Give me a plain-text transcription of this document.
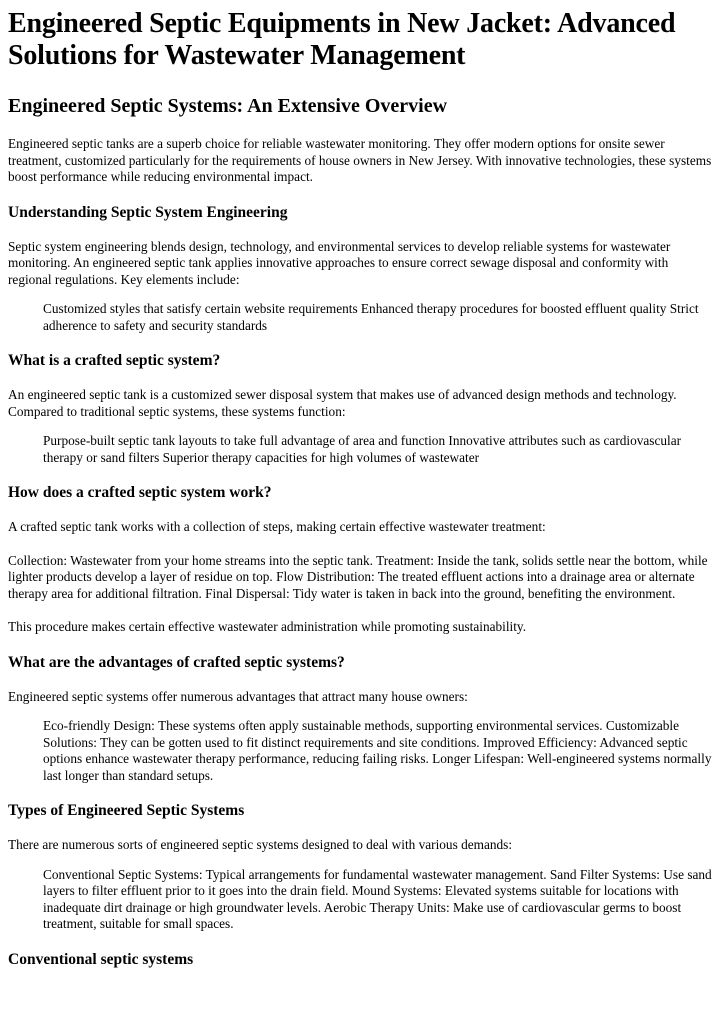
Engineered Septic Equipments in New Jacket: Advanced Solutions for Wastewater Management
Engineered Septic Systems: An Extensive Overview

Engineered septic tanks are a superb choice for reliable wastewater monitoring. They offer modern options for onsite sewer treatment, customized particularly for the requirements of house owners in New Jersey. With innovative technologies, these systems boost performance while reducing environmental impact.

Understanding Septic System Engineering

Septic system engineering blends design, technology, and environmental services to develop reliable systems for wastewater monitoring. An engineered septic tank applies innovative approaches to ensure correct sewage disposal and conformity with regional regulations. Key elements include:

Customized styles that satisfy certain website requirements Enhanced therapy procedures for boosted effluent quality Strict adherence to safety and security standards
What is a crafted septic system?

An engineered septic tank is a customized sewer disposal system that makes use of advanced design methods and technology. Compared to traditional septic systems, these systems function:

Purpose-built septic tank layouts to take full advantage of area and function Innovative attributes such as cardiovascular therapy or sand filters Superior therapy capacities for high volumes of wastewater
How does a crafted septic system work?

A crafted septic tank works with a collection of steps, making certain effective wastewater treatment:

Collection: Wastewater from your home streams into the septic tank. Treatment: Inside the tank, solids settle near the bottom, while lighter products develop a layer of residue on top. Flow Distribution: The treated effluent actions into a drainage area or alternate therapy area for additional filtration. Final Dispersal: Tidy water is taken in back into the ground, benefiting the environment.

This procedure makes certain effective wastewater administration while promoting sustainability.

What are the advantages of crafted septic systems?

Engineered septic systems offer numerous advantages that attract many house owners:

Eco-friendly Design: These systems often apply sustainable methods, supporting environmental services. Customizable Solutions: They can be gotten used to fit distinct requirements and site conditions. Improved Efficiency: Advanced septic options enhance wastewater therapy performance, reducing failing risks. Longer Lifespan: Well-engineered systems normally last longer than standard setups.
Types of Engineered Septic Systems

There are numerous sorts of engineered septic systems designed to deal with various demands:

Conventional Septic Systems: Typical arrangements for fundamental wastewater management. Sand Filter Systems: Use sand layers to filter effluent prior to it goes into the drain field. Mound Systems: Elevated systems suitable for locations with inadequate dirt drainage or high groundwater levels. Aerobic Therapy Units: Make use of cardiovascular germs to boost treatment, suitable for small spaces.
Conventional septic systems
